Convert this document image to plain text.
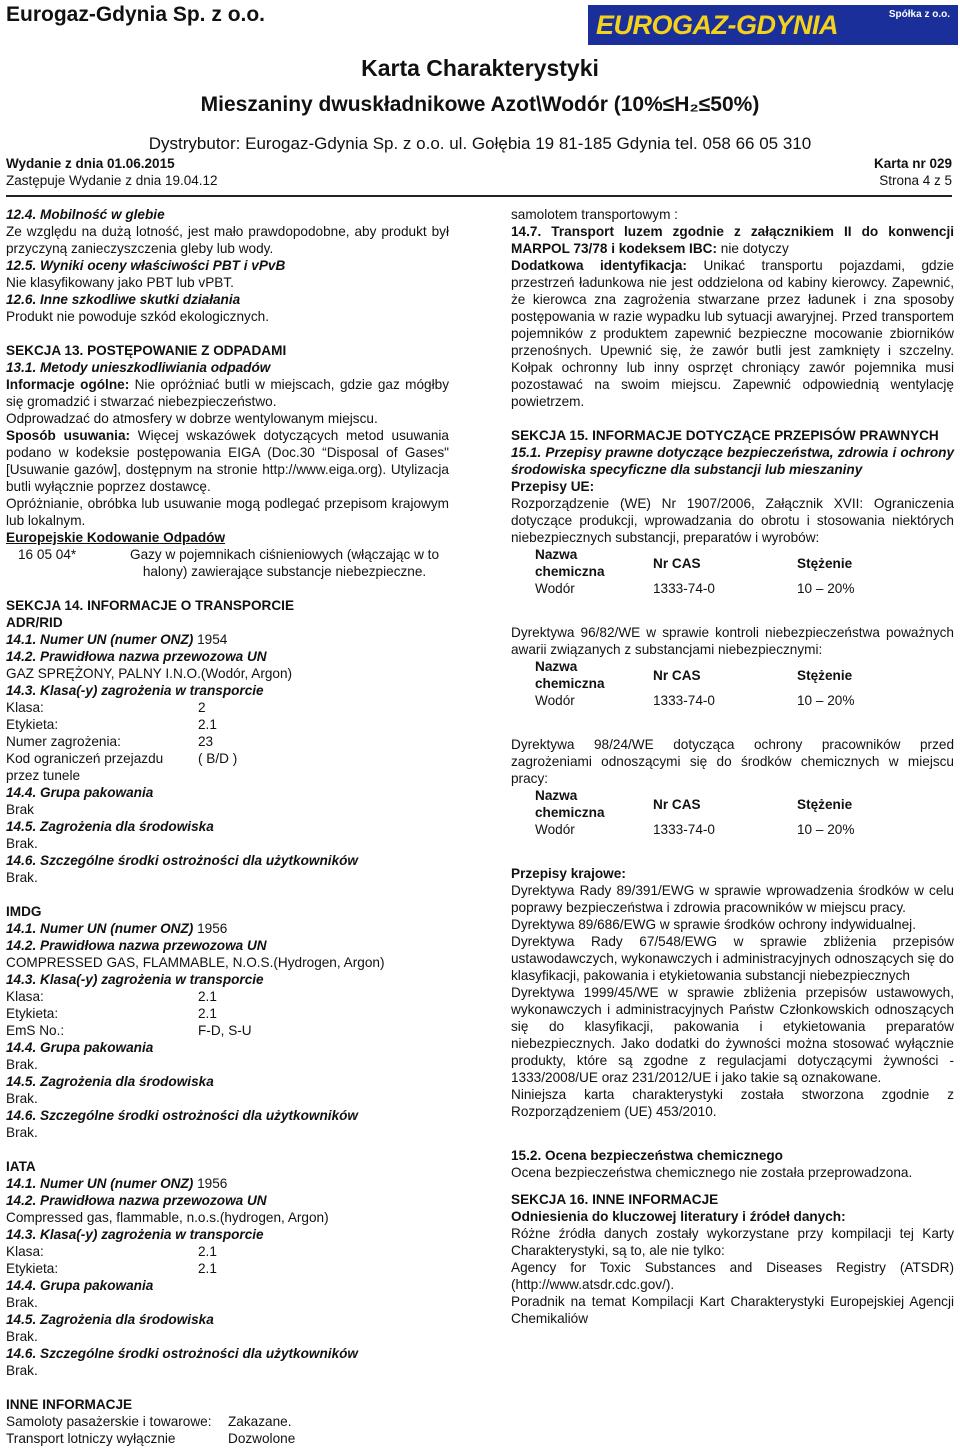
Eurogaz-Gdynia Sp. z o.o.	EUROGAZ-GDYNIA	Spółka z o.o.
Karta Charakterystyki
Mieszaniny dwuskładnikowe Azot\Wodór (10%≤H₂≤50%)
Dystrybutor: Eurogaz-Gdynia Sp. z o.o. ul. Gołębia 19 81-185 Gdynia tel. 058 66 05 310
Wydanie z dnia 01.06.2015	Karta nr 029
Zastępuje Wydanie z dnia 19.04.12	Strona 4 z 5
12.4. Mobilność w glebie
Ze względu na dużą lotność, jest mało prawdopodobne, aby produkt był przyczyną zanieczyszczenia gleby lub wody.
12.5. Wyniki oceny właściwości PBT i vPvB
Nie klasyfikowany jako PBT lub vPBT.
12.6. Inne szkodliwe skutki działania
Produkt nie powoduje szkód ekologicznych.
SEKCJA 13. POSTĘPOWANIE Z ODPADAMI
13.1. Metody unieszkodliwiania odpadów
Informacje ogólne: Nie opróżniać butli w miejscach, gdzie gaz mógłby się gromadzić i stwarzać niebezpieczeństwo.
Odprowadzać do atmosfery w dobrze wentylowanym miejscu.
Sposób usuwania: Więcej wskazówek dotyczących metod usuwania podano w kodeksie postępowania EIGA (Doc.30 “Disposal of Gases" [Usuwanie gazów], dostępnym na stronie http://www.eiga.org). Utylizacja butli wyłącznie poprzez dostawcę.
Opróżnianie, obróbka lub usuwanie mogą podlegać przepisom krajowym lub lokalnym.
Europejskie Kodowanie Odpadów
16 05 04*	Gazy w pojemnikach ciśnieniowych (włączając w to halony) zawierające substancje niebezpieczne.
SEKCJA 14. INFORMACJE O TRANSPORCIE
ADR/RID
14.1. Numer UN (numer ONZ) 1954
14.2. Prawidłowa nazwa przewozowa UN
GAZ SPRĘŻONY, PALNY I.N.O.(Wodór, Argon)
14.3. Klasa(-y) zagrożenia w transporcie
Klasa:	2
Etykieta:	2.1
Numer zagrożenia:	23
Kod ograniczeń przejazdu	( B/D )
przez tunele
14.4. Grupa pakowania
Brak
14.5. Zagrożenia dla środowiska
Brak.
14.6. Szczególne środki ostrożności dla użytkowników
Brak.
IMDG
14.1. Numer UN (numer ONZ) 1956
14.2. Prawidłowa nazwa przewozowa UN
COMPRESSED GAS, FLAMMABLE, N.O.S.(Hydrogen, Argon)
14.3. Klasa(-y) zagrożenia w transporcie
Klasa:	2.1
Etykieta:	2.1
EmS No.:	F-D, S-U
14.4. Grupa pakowania
Brak.
14.5. Zagrożenia dla środowiska
Brak.
14.6. Szczególne środki ostrożności dla użytkowników
Brak.
IATA
14.1. Numer UN (numer ONZ) 1956
14.2. Prawidłowa nazwa przewozowa UN
Compressed gas, flammable, n.o.s.(hydrogen, Argon)
14.3. Klasa(-y) zagrożenia w transporcie
Klasa:	2.1
Etykieta:	2.1
14.4. Grupa pakowania
Brak.
14.5. Zagrożenia dla środowiska
Brak.
14.6. Szczególne środki ostrożności dla użytkowników
Brak.
INNE INFORMACJE
Samoloty pasażerskie i towarowe:	Zakazane.
Transport lotniczy wyłącznie	Dozwolone
samolotem transportowym :
14.7. Transport luzem zgodnie z załącznikiem II do konwencji MARPOL 73/78 i kodeksem IBC: nie dotyczy
Dodatkowa identyfikacja: Unikać transportu pojazdami, gdzie przestrzeń ładunkowa nie jest oddzielona od kabiny kierowcy. Zapewnić, że kierowca zna zagrożenia stwarzane przez ładunek i zna sposoby postępowania w razie wypadku lub sytuacji awaryjnej. Przed transportem pojemników z produktem zapewnić bezpieczne mocowanie zbiorników przenośnych. Upewnić się, że zawór butli jest zamknięty i szczelny. Kołpak ochronny lub inny osprzęt chroniący zawór pojemnika musi pozostawać na swoim miejscu. Zapewnić odpowiednią wentylację powietrzem.
SEKCJA 15. INFORMACJE DOTYCZĄCE PRZEPISÓW PRAWNYCH
15.1. Przepisy prawne dotyczące bezpieczeństwa, zdrowia i ochrony środowiska specyficzne dla substancji lub mieszaniny
Przepisy UE:
Rozporządzenie (WE) Nr 1907/2006, Załącznik XVII: Ograniczenia dotyczące produkcji, wprowadzania do obrotu i stosowania niektórych niebezpiecznych substancji, preparatów i wyrobów:
Nazwa
chemiczna	Nr CAS	Stężenie
Wodór	1333-74-0	10 – 20%
Dyrektywa 96/82/WE w sprawie kontroli niebezpieczeństwa poważnych awarii związanych z substancjami niebezpiecznymi:
Nazwa
chemiczna	Nr CAS	Stężenie
Wodór	1333-74-0	10 – 20%
Dyrektywa 98/24/WE dotycząca ochrony pracowników przed zagrożeniami odnoszącymi się do środków chemicznych w miejscu pracy:
Nazwa
chemiczna	Nr CAS	Stężenie
Wodór	1333-74-0	10 – 20%
Przepisy krajowe:
Dyrektywa Rady 89/391/EWG w sprawie wprowadzenia środków w celu poprawy bezpieczeństwa i zdrowia pracowników w miejscu pracy.
Dyrektywa 89/686/EWG w sprawie środków ochrony indywidualnej.
Dyrektywa Rady 67/548/EWG w sprawie zbliżenia przepisów ustawodawczych, wykonawczych i administracyjnych odnoszących się do klasyfikacji, pakowania i etykietowania substancji niebezpiecznych
Dyrektywa 1999/45/WE w sprawie zbliżenia przepisów ustawowych, wykonawczych i administracyjnych Państw Członkowskich odnoszących się do klasyfikacji, pakowania i etykietowania preparatów niebezpiecznych. Jako dodatki do żywności można stosować wyłącznie produkty, które są zgodne z regulacjami dotyczącymi żywności - 1333/2008/UE oraz 231/2012/UE i jako takie są oznakowane.
Niniejsza karta charakterystyki została stworzona zgodnie z Rozporządzeniem (UE) 453/2010.
15.2. Ocena bezpieczeństwa chemicznego
Ocena bezpieczeństwa chemicznego nie została przeprowadzona.
SEKCJA 16. INNE INFORMACJE
Odniesienia do kluczowej literatury i źródeł danych:
Różne źródła danych zostały wykorzystane przy kompilacji tej Karty Charakterystyki, są to, ale nie tylko:
Agency for Toxic Substances and Diseases Registry (ATSDR) (http://www.atsdr.cdc.gov/).
Poradnik na temat Kompilacji Kart Charakterystyki Europejskiej Agencji Chemikaliów
